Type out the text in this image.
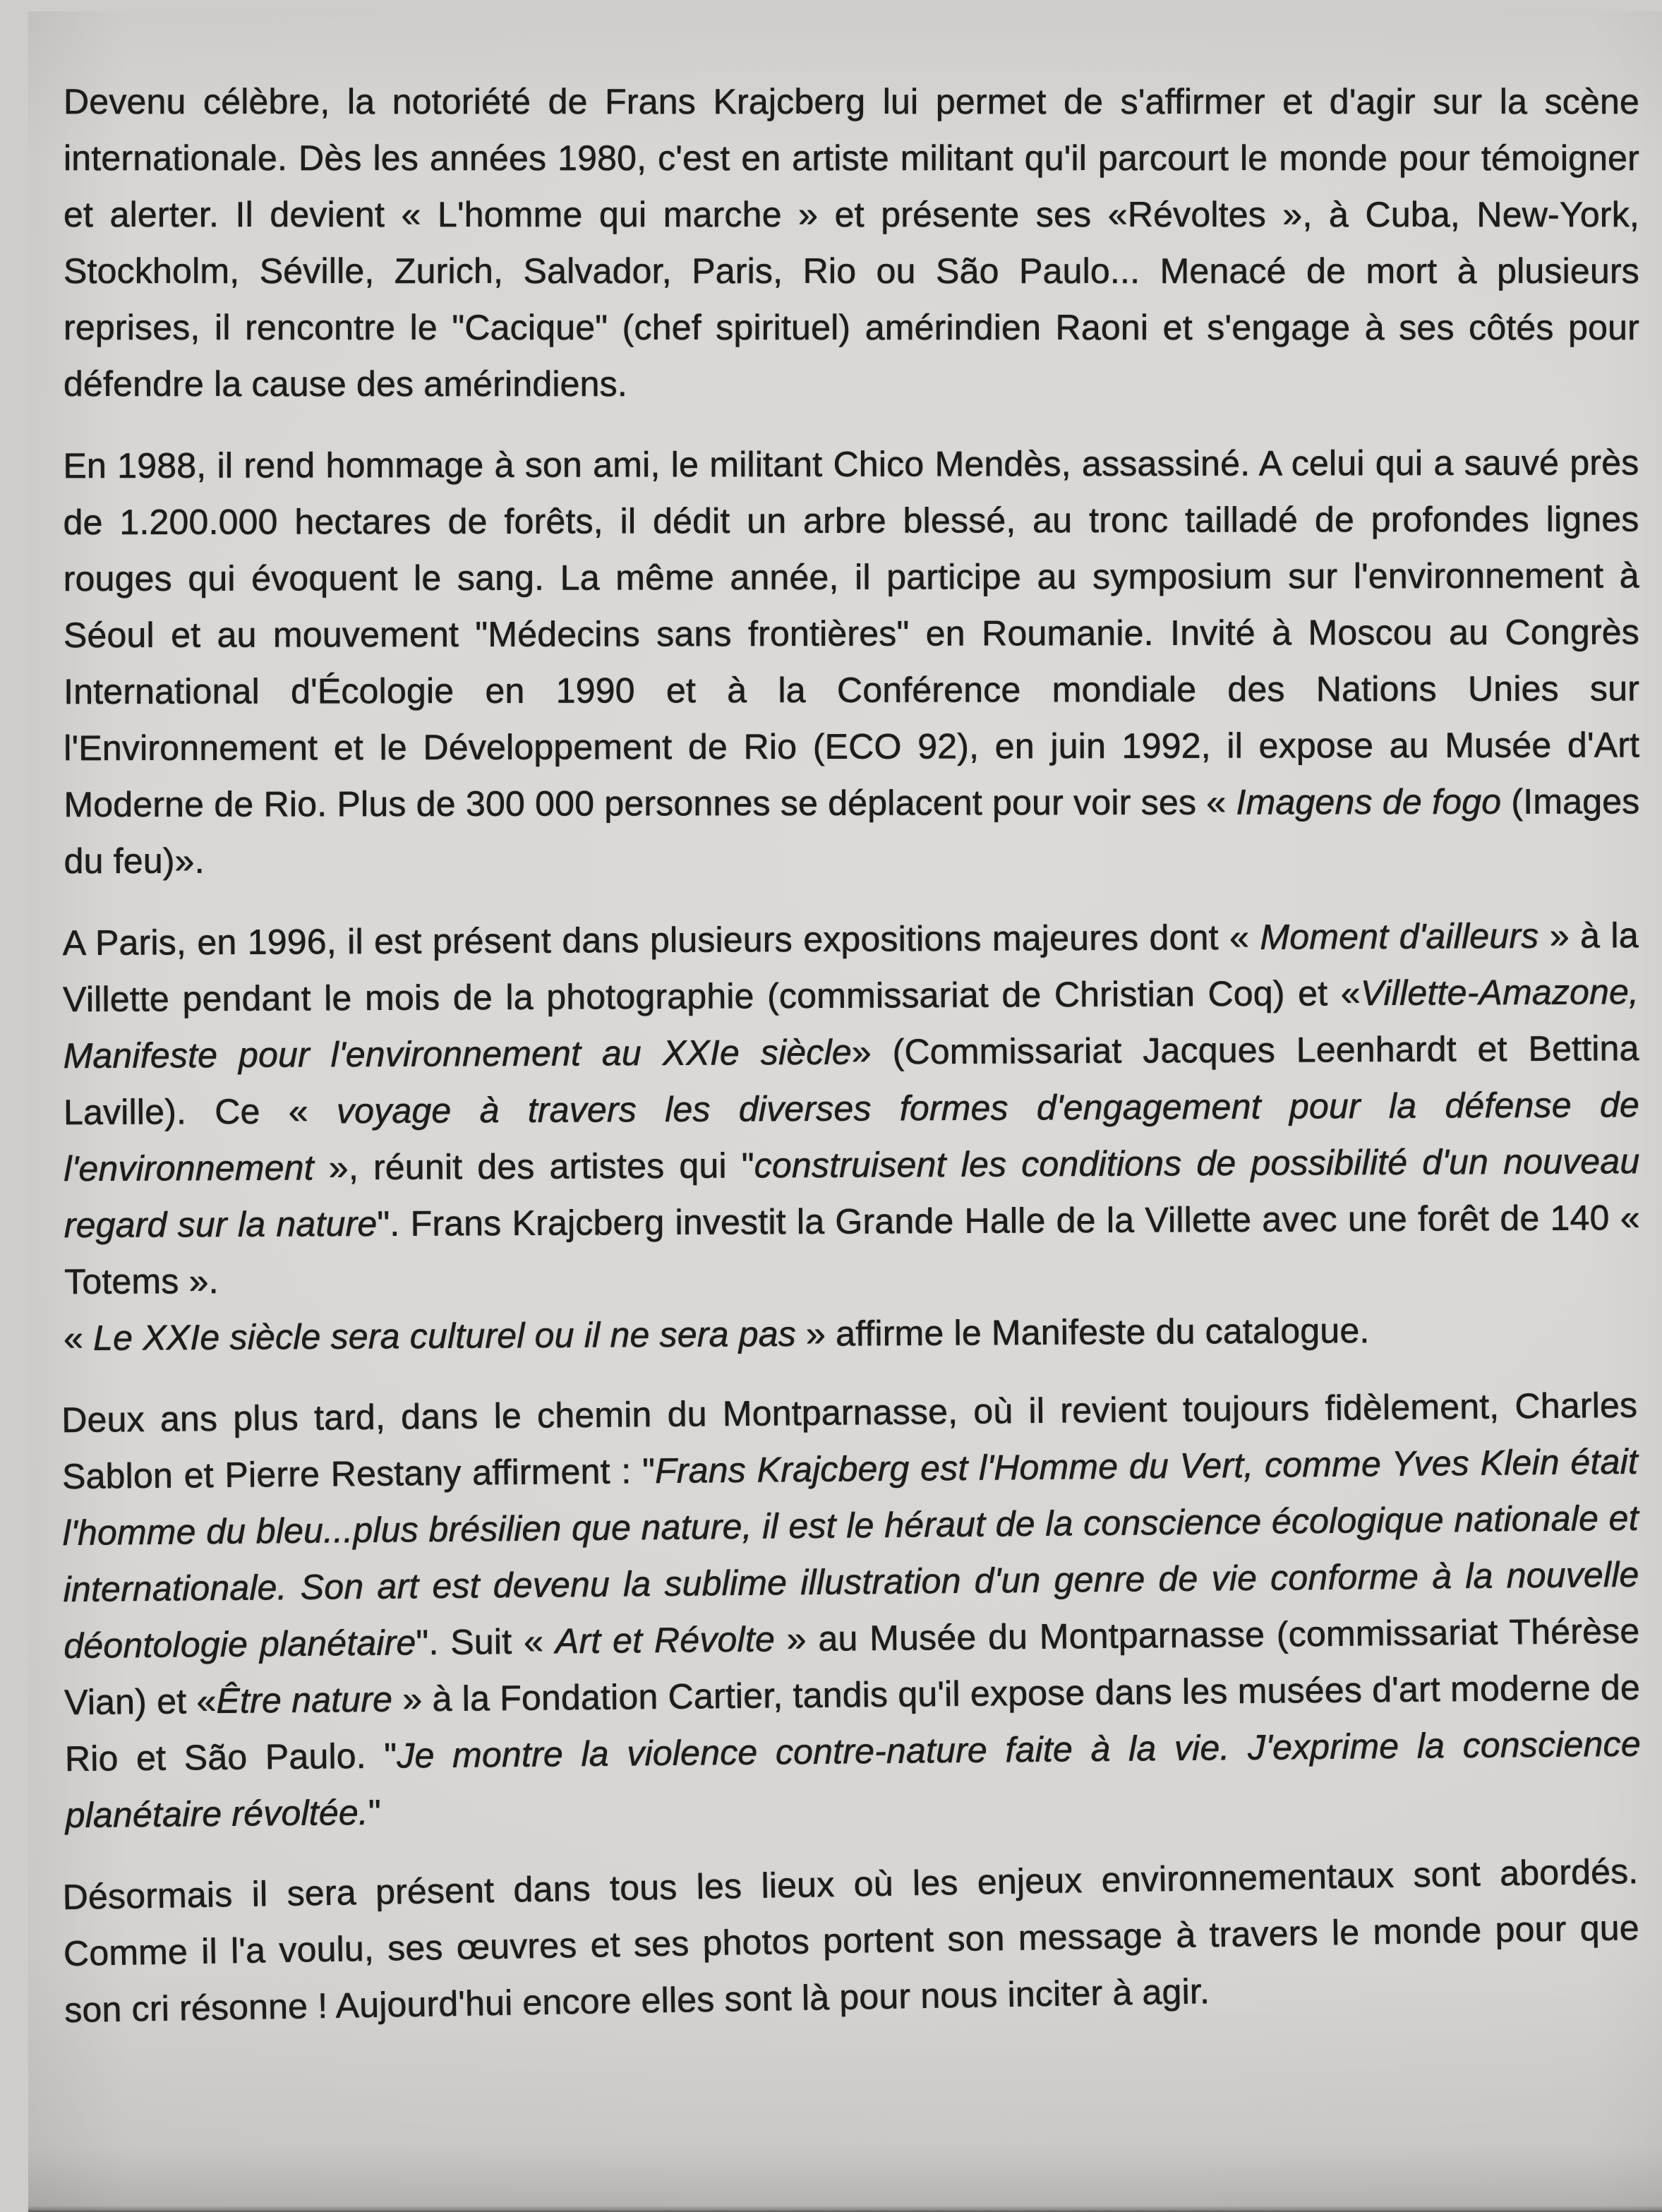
Devenu célèbre, la notoriété de Frans Krajcberg lui permet de s'affirmer et d'agir sur la scène internationale. Dès les années 1980, c'est en artiste militant qu'il parcourt le monde pour témoigner et alerter. Il devient « L'homme qui marche » et présente ses «Révoltes », à Cuba, New-York, Stockholm, Séville, Zurich, Salvador, Paris, Rio ou São Paulo... Menacé de mort à plusieurs reprises, il rencontre le "Cacique" (chef spirituel) amérindien Raoni et s'engage à ses côtés pour défendre la cause des amérindiens.

En 1988, il rend hommage à son ami, le militant Chico Mendès, assassiné. A celui qui a sauvé près de 1.200.000 hectares de forêts, il dédit un arbre blessé, au tronc tailladé de profondes lignes rouges qui évoquent le sang. La même année, il participe au symposium sur l'environnement à Séoul et au mouvement "Médecins sans frontières" en Roumanie. Invité à Moscou au Congrès International d'Écologie en 1990 et à la Conférence mondiale des Nations Unies sur l'Environnement et le Développement de Rio (ECO 92), en juin 1992, il expose au Musée d'Art Moderne de Rio. Plus de 300 000 personnes se déplacent pour voir ses « Imagens de fogo (Images du feu)».

A Paris, en 1996, il est présent dans plusieurs expositions majeures dont « Moment d'ailleurs » à la Villette pendant le mois de la photographie (commissariat de Christian Coq) et «Villette-Amazone, Manifeste pour l'environnement au XXIe siècle» (Commissariat Jacques Leenhardt et Bettina Laville). Ce « voyage à travers les diverses formes d'engagement pour la défense de l'environnement », réunit des artistes qui "construisent les conditions de possibilité d'un nouveau regard sur la nature". Frans Krajcberg investit la Grande Halle de la Villette avec une forêt de 140 « Totems ».

« Le XXIe siècle sera culturel ou il ne sera pas » affirme le Manifeste du catalogue.

Deux ans plus tard, dans le chemin du Montparnasse, où il revient toujours fidèlement, Charles Sablon et Pierre Restany affirment : "Frans Krajcberg est l'Homme du Vert, comme Yves Klein était l'homme du bleu...plus brésilien que nature, il est le héraut de la conscience écologique nationale et internationale. Son art est devenu la sublime illustration d'un genre de vie conforme à la nouvelle déontologie planétaire". Suit « Art et Révolte » au Musée du Montparnasse (commissariat Thérèse Vian) et «Être nature » à la Fondation Cartier, tandis qu'il expose dans les musées d'art moderne de Rio et São Paulo. "Je montre la violence contre-nature faite à la vie. J'exprime la conscience planétaire révoltée."

Désormais il sera présent dans tous les lieux où les enjeux environnementaux sont abordés. Comme il l'a voulu, ses œuvres et ses photos portent son message à travers le monde pour que son cri résonne ! Aujourd'hui encore elles sont là pour nous inciter à agir.
